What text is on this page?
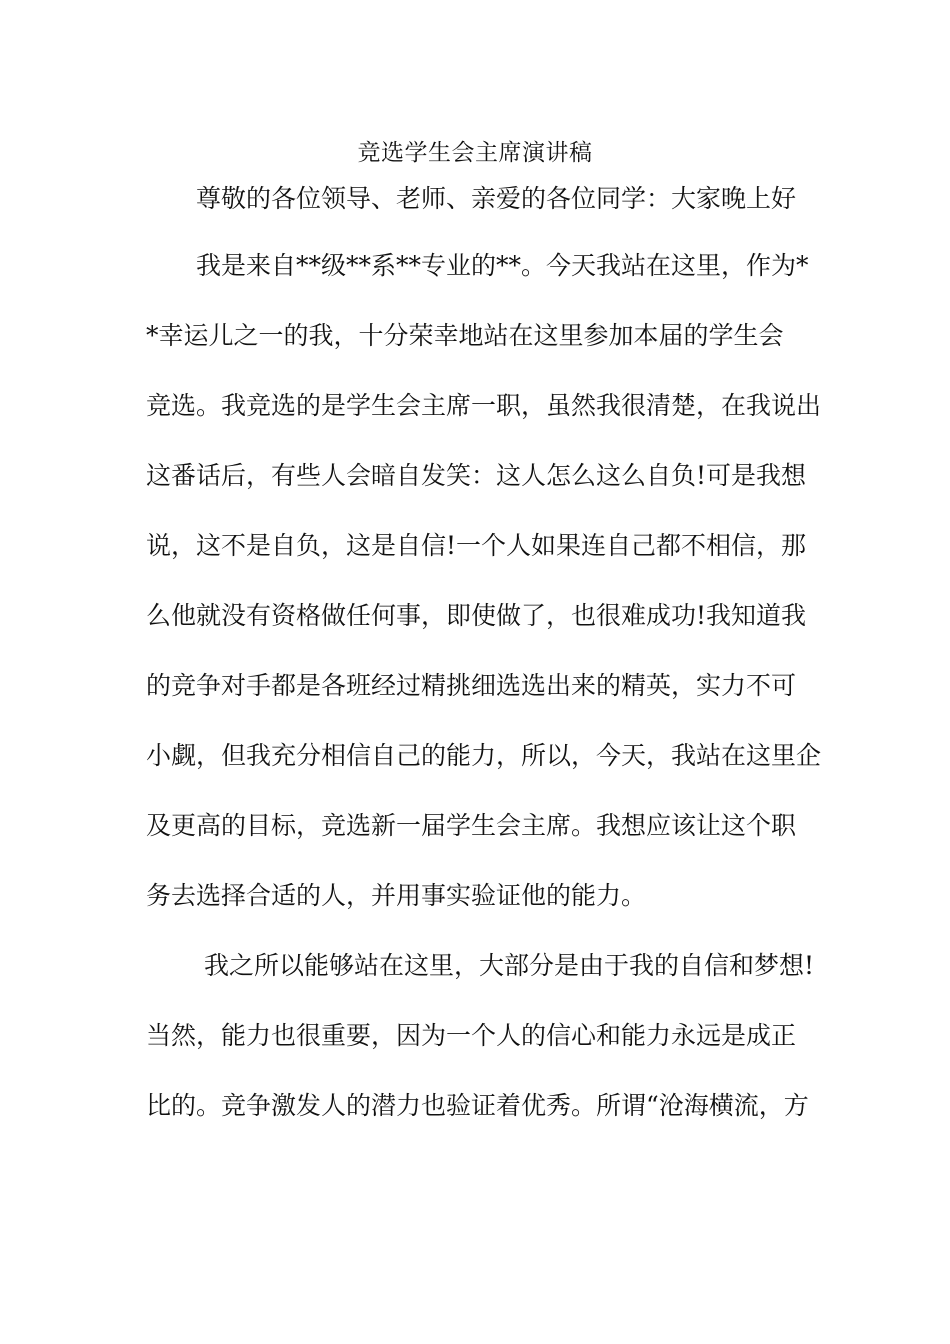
竞选学生会主席演讲稿
尊敬的各位领导、老师、亲爱的各位同学：大家晚上好
我是来自**级**系**专业的**。今天我站在这里，作为*
*幸运儿之一的我，十分荣幸地站在这里参加本届的学生会
竞选。我竞选的是学生会主席一职，虽然我很清楚，在我说出
这番话后，有些人会暗自发笑：这人怎么这么自负!可是我想
说，这不是自负，这是自信!一个人如果连自己都不相信，那
么他就没有资格做任何事，即使做了，也很难成功!我知道我
的竞争对手都是各班经过精挑细选选出来的精英，实力不可
小觑，但我充分相信自己的能力，所以，今天，我站在这里企
及更高的目标，竞选新一届学生会主席。我想应该让这个职
务去选择合适的人，并用事实验证他的能力。
我之所以能够站在这里，大部分是由于我的自信和梦想!
当然，能力也很重要，因为一个人的信心和能力永远是成正
比的。竞争激发人的潜力也验证着优秀。所谓“沧海横流，方
